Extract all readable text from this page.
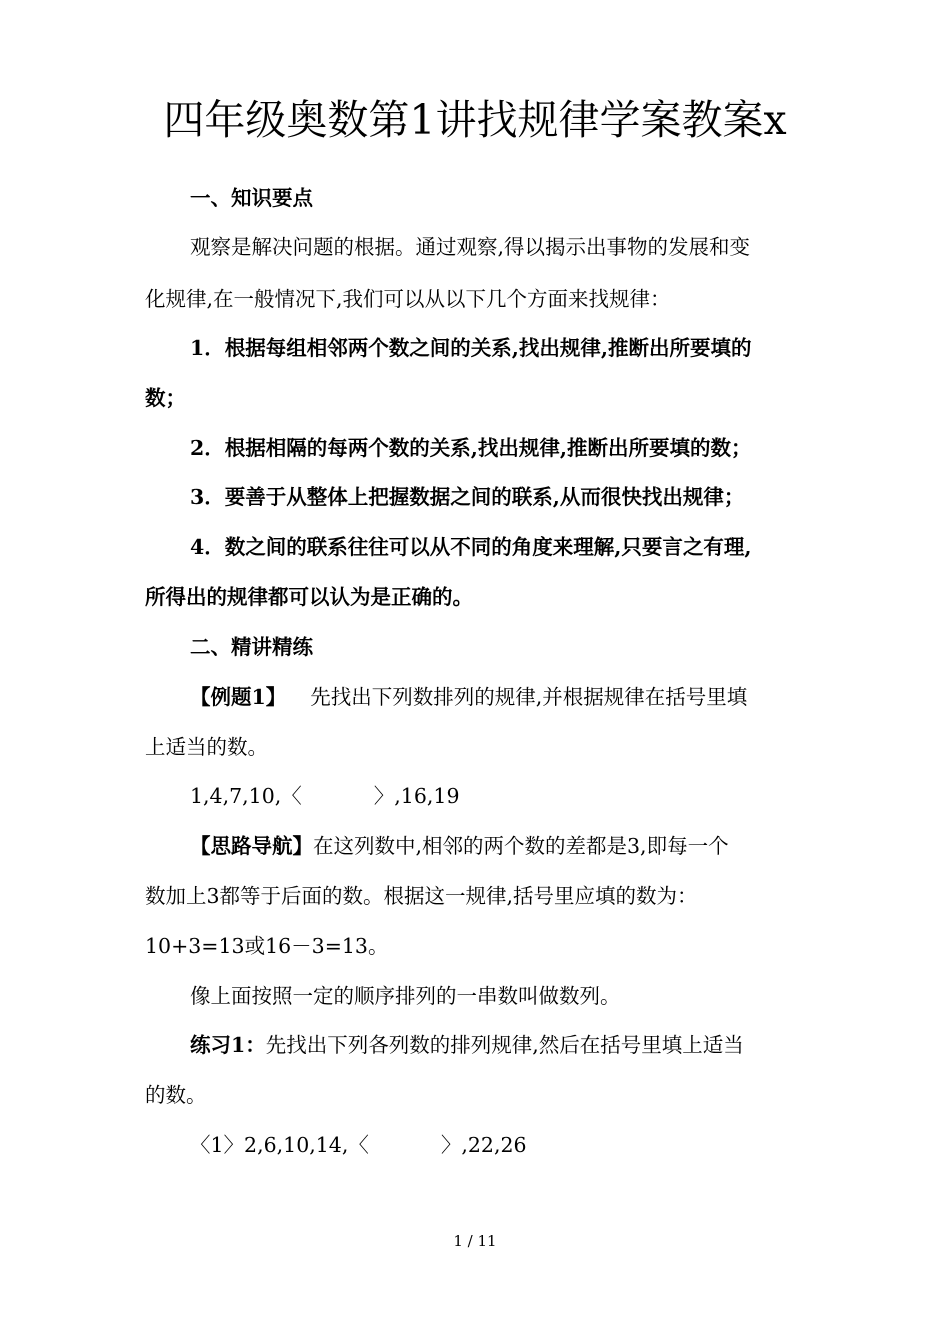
四年级奥数第1讲找规律学案教案x

一、知识要点

观察是解决问题的根据。通过观察,得以揭示出事物的发展和变

化规律,在一般情况下,我们可以从以下几个方面来找规律：

1．根据每组相邻两个数之间的关系,找出规律,推断出所要填的

数；

2．根据相隔的每两个数的关系,找出规律,推断出所要填的数；

3．要善于从整体上把握数据之间的联系,从而很快找出规律；

4．数之间的联系往往可以从不同的角度来理解,只要言之有理,

所得出的规律都可以认为是正确的。

二、精讲精练

【例题1】 先找出下列数排列的规律,并根据规律在括号里填

上适当的数。

1,4,7,10,〈	〉,16,19

【思路导航】在这列数中,相邻的两个数的差都是3,即每一个

数加上3都等于后面的数。根据这一规律,括号里应填的数为：

10+3=13或16－3=13。

像上面按照一定的顺序排列的一串数叫做数列。

练习1：先找出下列各列数的排列规律,然后在括号里填上适当

的数。

〈1〉2,6,10,14,〈	〉,22,26

1 / 11
